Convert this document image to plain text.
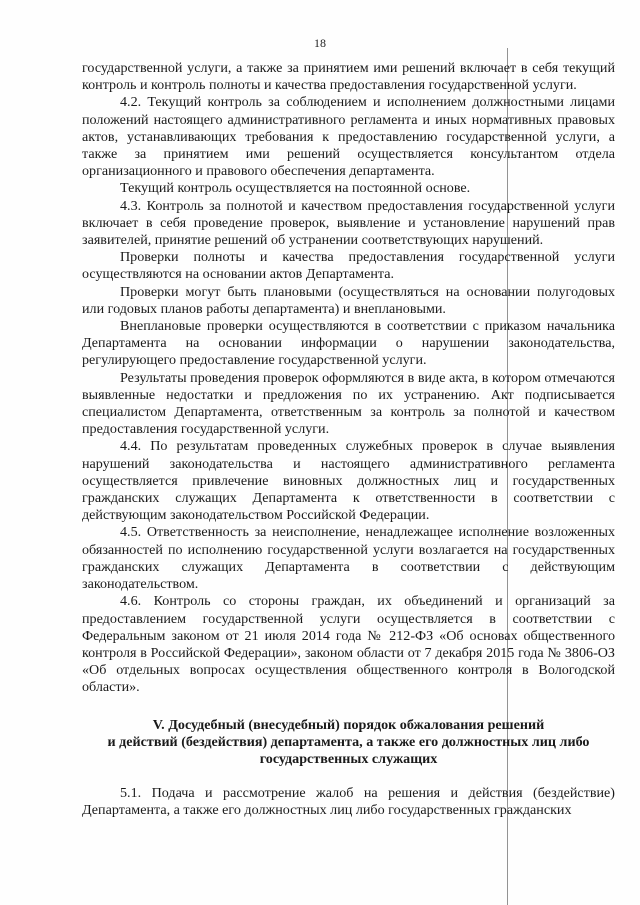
18

государственной услуги, а также за принятием ими решений включает в себя текущий контроль и контроль полноты и качества предоставления государственной услуги.

4.2. Текущий контроль за соблюдением и исполнением должностными лицами положений настоящего административного регламента и иных нормативных правовых актов, устанавливающих требования к предоставлению государственной услуги, а также за принятием ими решений осуществляется консультантом отдела организационного и правового обеспечения департамента.

Текущий контроль осуществляется на постоянной основе.

4.3. Контроль за полнотой и качеством предоставления государственной услуги включает в себя проведение проверок, выявление и установление нарушений прав заявителей, принятие решений об устранении соответствующих нарушений.

Проверки полноты и качества предоставления государственной услуги осуществляются на основании актов Департамента.

Проверки могут быть плановыми (осуществляться на основании полугодовых или годовых планов работы департамента) и внеплановыми.

Внеплановые проверки осуществляются в соответствии с приказом начальника Департамента на основании информации о нарушении законодательства, регулирующего предоставление государственной услуги.

Результаты проведения проверок оформляются в виде акта, в котором отмечаются выявленные недостатки и предложения по их устранению. Акт подписывается специалистом Департамента, ответственным за контроль за полнотой и качеством предоставления государственной услуги.

4.4. По результатам проведенных служебных проверок в случае выявления нарушений законодательства и настоящего административного регламента осуществляется привлечение виновных должностных лиц и государственных гражданских служащих Департамента к ответственности в соответствии с действующим законодательством Российской Федерации.

4.5. Ответственность за неисполнение, ненадлежащее исполнение возложенных обязанностей по исполнению государственной услуги возлагается на государственных гражданских служащих Департамента в соответствии с действующим законодательством.

4.6. Контроль со стороны граждан, их объединений и организаций за предоставлением государственной услуги осуществляется в соответствии с Федеральным законом от 21 июля 2014 года № 212-ФЗ «Об основах общественного контроля в Российской Федерации», законом области от 7 декабря 2015 года № 3806-ОЗ «Об отдельных вопросах осуществления общественного контроля в Вологодской области».

V. Досудебный (внесудебный) порядок обжалования решений
и действий (бездействия) департамента, а также его должностных лиц либо
государственных служащих

5.1. Подача и рассмотрение жалоб на решения и действия (бездействие) Департамента, а также его должностных лиц либо государственных гражданских
